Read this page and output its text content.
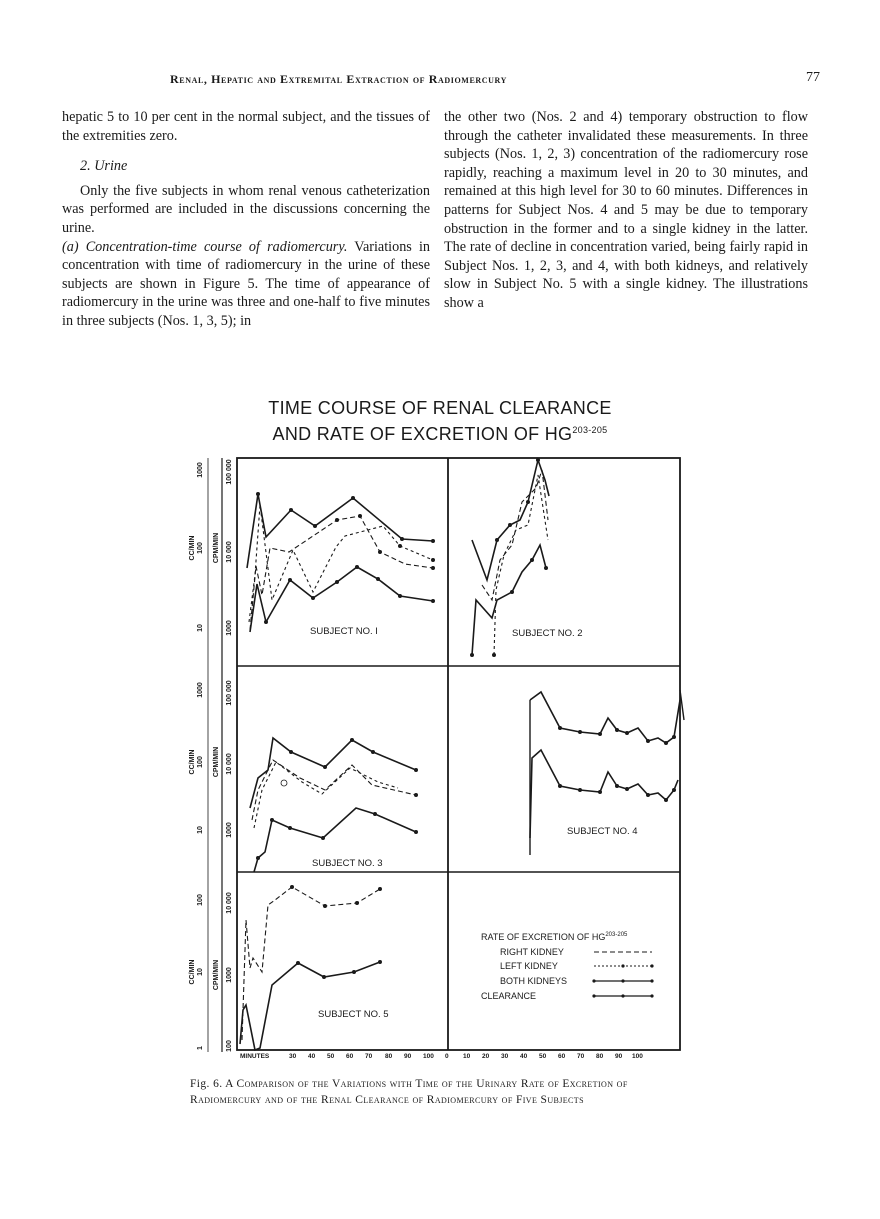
Renal, Hepatic and Extremital Extraction of Radiomercury	77

hepatic 5 to 10 per cent in the normal subject, and the tissues of the extremities zero.

2. Urine

Only the five subjects in whom renal venous catheterization was performed are included in the discussions concerning the urine.

(a) Concentration-time course of radiomercury. Variations in concentration with time of radiomercury in the urine of these subjects are shown in Figure 5. The time of appearance of radiomercury in the urine was three and one-half to five minutes in three subjects (Nos. 1, 3, 5); in

the other two (Nos. 2 and 4) temporary obstruction to flow through the catheter invalidated these measurements. In three subjects (Nos. 1, 2, 3) concentration of the radiomercury rose rapidly, reaching a maximum level in 20 to 30 minutes, and remained at this high level for 30 to 60 minutes. Differences in patterns for Subject Nos. 4 and 5 may be due to temporary obstruction in the former and to a single kidney in the latter. The rate of decline in concentration varied, being fairly rapid in Subject Nos. 1, 2, 3, and 4, with both kidneys, and relatively slow in Subject No. 5 with a single kidney. The illustrations show a

TIME COURSE OF RENAL CLEARANCE
AND RATE OF EXCRETION OF HG$^{203-205}$
1000
100
10
CC/MIN
100 000
10 000
1000
CPM/MIN
1000
100
10
CC/MIN
100 000
10 000
1000
CPM/MIN
100
10
1
CC/MIN
10 000
1000
100
CPM/MIN
SUBJECT NO. I	SUBJECT NO. 2
SUBJECT NO. 3
SUBJECT NO. 4
SUBJECT NO. 5
RATE OF EXCRETION OF HG$^{203-205}$
RIGHT KIDNEY
LEFT KIDNEY
BOTH KIDNEYS
CLEARANCE
MINUTES	30 40 50 60 70 80 90 100 0 10 20 30 40 50 60 70 80 90 100
Fig. 6. A Comparison of the Variations with Time of the Urinary Rate of Excretion of Radiomercury and of the Renal Clearance of Radiomercury of Five Subjects
